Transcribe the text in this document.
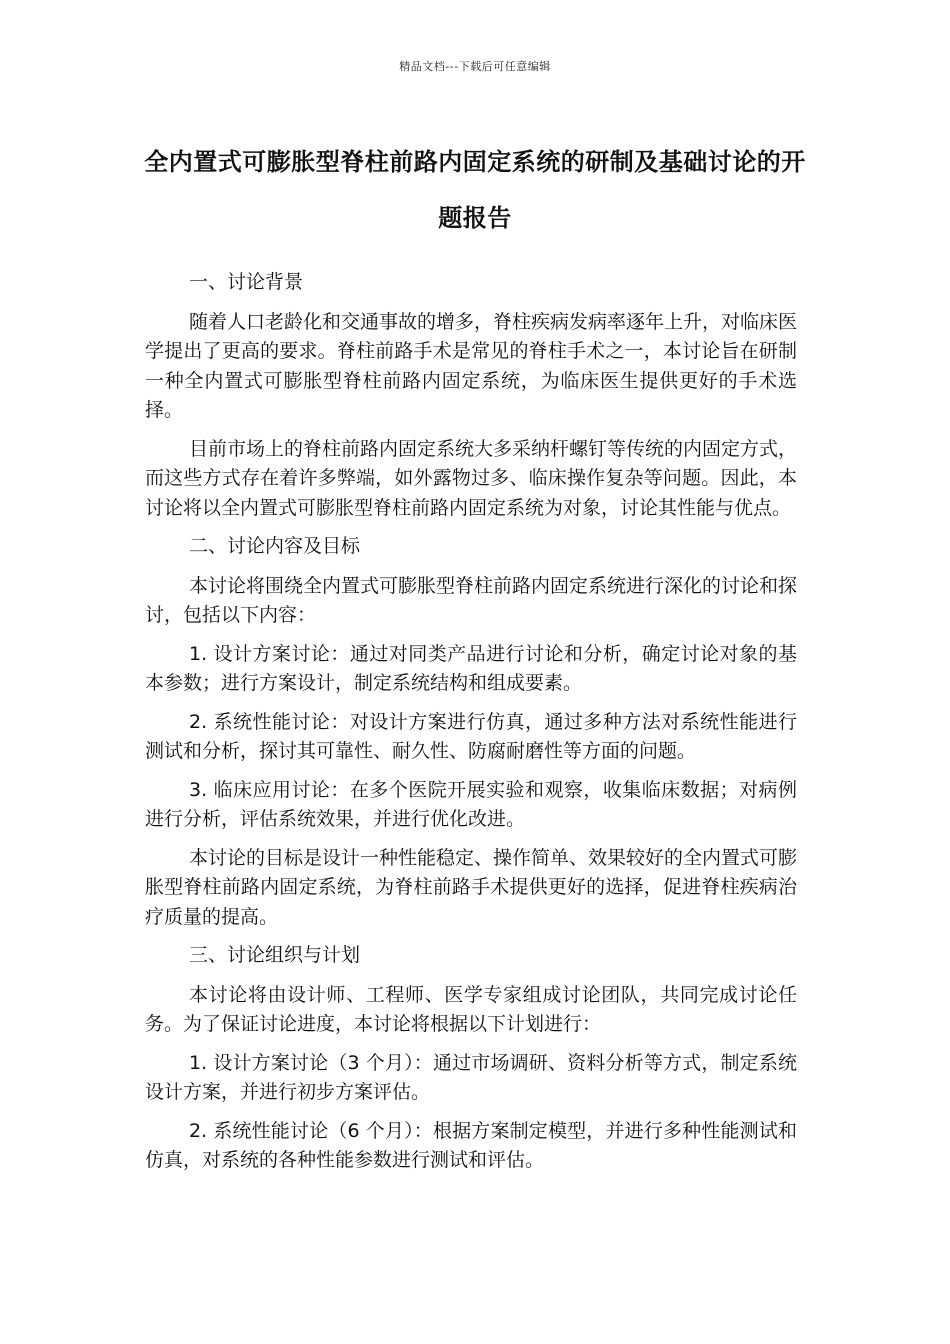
精品文档---下载后可任意编辑
全内置式可膨胀型脊柱前路内固定系统的研制及基础讨论的开题报告

一、讨论背景

随着人口老龄化和交通事故的增多，脊柱疾病发病率逐年上升，对临床医学提出了更高的要求。脊柱前路手术是常见的脊柱手术之一，本讨论旨在研制一种全内置式可膨胀型脊柱前路内固定系统，为临床医生提供更好的手术选择。

目前市场上的脊柱前路内固定系统大多采纳杆螺钉等传统的内固定方式，而这些方式存在着许多弊端，如外露物过多、临床操作复杂等问题。因此，本讨论将以全内置式可膨胀型脊柱前路内固定系统为对象，讨论其性能与优点。

二、讨论内容及目标

本讨论将围绕全内置式可膨胀型脊柱前路内固定系统进行深化的讨论和探讨，包括以下内容：

1. 设计方案讨论：通过对同类产品进行讨论和分析，确定讨论对象的基本参数；进行方案设计，制定系统结构和组成要素。

2. 系统性能讨论：对设计方案进行仿真，通过多种方法对系统性能进行测试和分析，探讨其可靠性、耐久性、防腐耐磨性等方面的问题。

3. 临床应用讨论：在多个医院开展实验和观察，收集临床数据；对病例进行分析，评估系统效果，并进行优化改进。

本讨论的目标是设计一种性能稳定、操作简单、效果较好的全内置式可膨胀型脊柱前路内固定系统，为脊柱前路手术提供更好的选择，促进脊柱疾病治疗质量的提高。

三、讨论组织与计划

本讨论将由设计师、工程师、医学专家组成讨论团队，共同完成讨论任务。为了保证讨论进度，本讨论将根据以下计划进行：

1. 设计方案讨论（3 个月）：通过市场调研、资料分析等方式，制定系统设计方案，并进行初步方案评估。

2. 系统性能讨论（6 个月）：根据方案制定模型，并进行多种性能测试和仿真，对系统的各种性能参数进行测试和评估。
